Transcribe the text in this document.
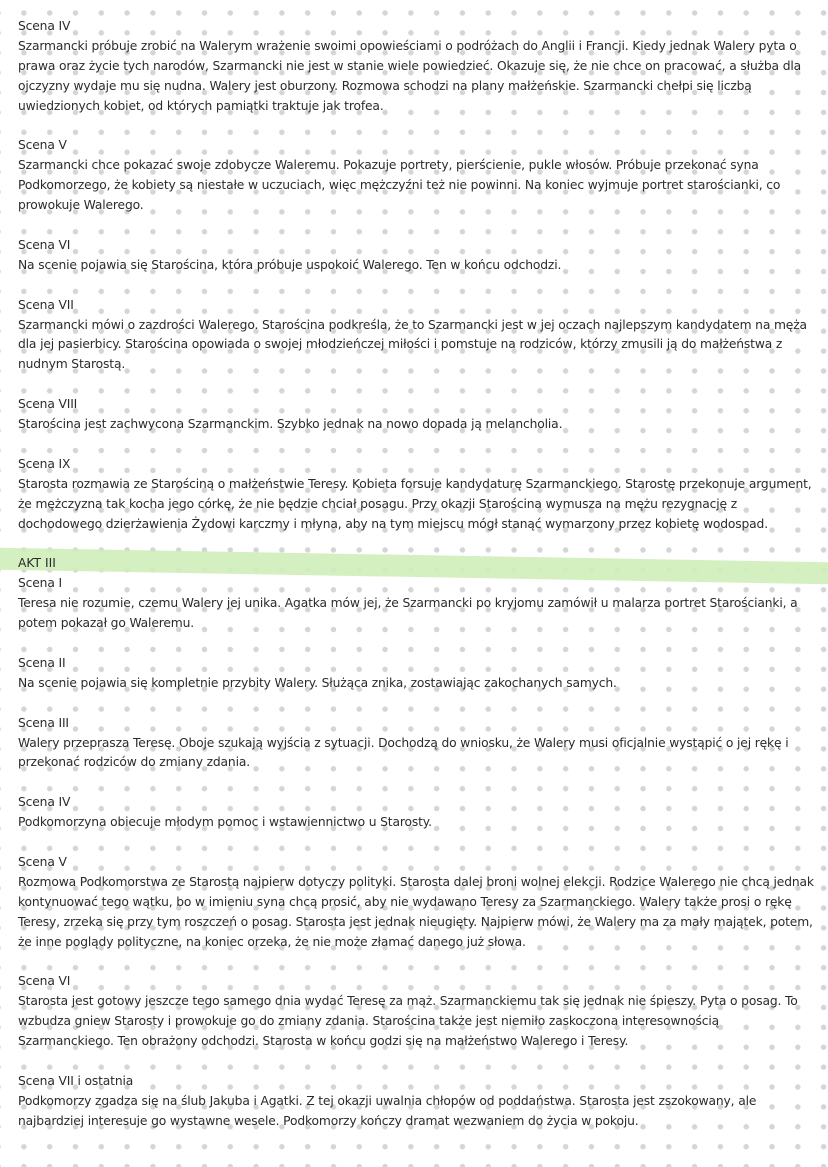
Scena IV

Szarmancki próbuje zrobić na Walerym wrażenie swoimi opowieściami o podróżach do Anglii i Francji. Kiedy jednak Walery pyta o prawa oraz życie tych narodów, Szarmancki nie jest w stanie wiele powiedzieć. Okazuje się, że nie chce on pracować, a służba dla ojczyzny wydaje mu się nudna. Walery jest oburzony. Rozmowa schodzi na plany małżeńskie. Szarmancki chełpi się liczbą uwiedzionych kobiet, od których pamiątki traktuje jak trofea.

Scena V

Szarmancki chce pokazać swoje zdobycze Waleremu. Pokazuje portrety, pierścienie, pukle włosów. Próbuje przekonać syna Podkomorzego, że kobiety są niestałe w uczuciach, więc mężczyźni też nie powinni. Na koniec wyjmuje portret starościanki, co prowokuje Walerego.

Scena VI

Na scenie pojawia się Starościna, która próbuje uspokoić Walerego. Ten w końcu odchodzi.

Scena VII

Szarmancki mówi o zazdrości Walerego. Starościna podkreśla, że to Szarmancki jest w jej oczach najlepszym kandydatem na męża dla jej pasierbicy. Starościna opowiada o swojej młodzieńczej miłości i pomstuje na rodziców, którzy zmusili ją do małżeństwa z nudnym Starostą.

Scena VIII

Starościna jest zachwycona Szarmanckim. Szybko jednak na nowo dopada ją melancholia.

Scena IX

Starosta rozmawia ze Starościną o małżeństwie Teresy. Kobieta forsuje kandydaturę Szarmanckiego. Starostę przekonuje argument, że mężczyzna tak kocha jego córkę, że nie będzie chciał posagu. Przy okazji Starościna wymusza na mężu rezygnację z dochodowego dzierżawienia Żydowi karczmy i młyna, aby na tym miejscu mógł stanąć wymarzony przez kobietę wodospad.

AKT III

Scena I

Teresa nie rozumie, czemu Walery jej unika. Agatka mów jej, że Szarmancki po kryjomu zamówił u malarza portret Starościanki, a potem pokazał go Waleremu.

Scena II

Na scenie pojawia się kompletnie przybity Walery. Służąca znika, zostawiając zakochanych samych.

Scena III

Walery przeprasza Teresę. Oboje szukają wyjścia z sytuacji. Dochodzą do wniosku, że Walery musi oficjalnie wystąpić o jej rękę i przekonać rodziców do zmiany zdania.

Scena IV

Podkomorzyna obiecuje młodym pomoc i wstawiennictwo u Starosty.

Scena V

Rozmowa Podkomorstwa ze Starostą najpierw dotyczy polityki. Starosta dalej broni wolnej elekcji. Rodzice Walerego nie chcą jednak kontynuować tego wątku, bo w imieniu syna chcą prosić, aby nie wydawano Teresy za Szarmanckiego. Walery także prosi o rękę Teresy, zrzeka się przy tym roszczeń o posag. Starosta jest jednak nieugięty. Najpierw mówi, że Walery ma za mały majątek, potem, że inne poglądy polityczne, na koniec orzeka, że nie może złamać danego już słowa.

Scena VI

Starosta jest gotowy jeszcze tego samego dnia wydać Teresę za mąż. Szarmanckiemu tak się jednak nie śpieszy. Pyta o posag. To wzbudza gniew Starosty i prowokuje go do zmiany zdania. Starościna także jest niemiło zaskoczona interesownością Szarmanckiego. Ten obrażony odchodzi. Starosta w końcu godzi się na małżeństwo Walerego i Teresy.

Scena VII i ostatnia

Podkomorzy zgadza się na ślub Jakuba i Agatki. Z tej okazji uwalnia chłopów od poddaństwa. Starosta jest zszokowany, ale najbardziej interesuje go wystawne wesele. Podkomorzy kończy dramat wezwaniem do życia w pokoju.
